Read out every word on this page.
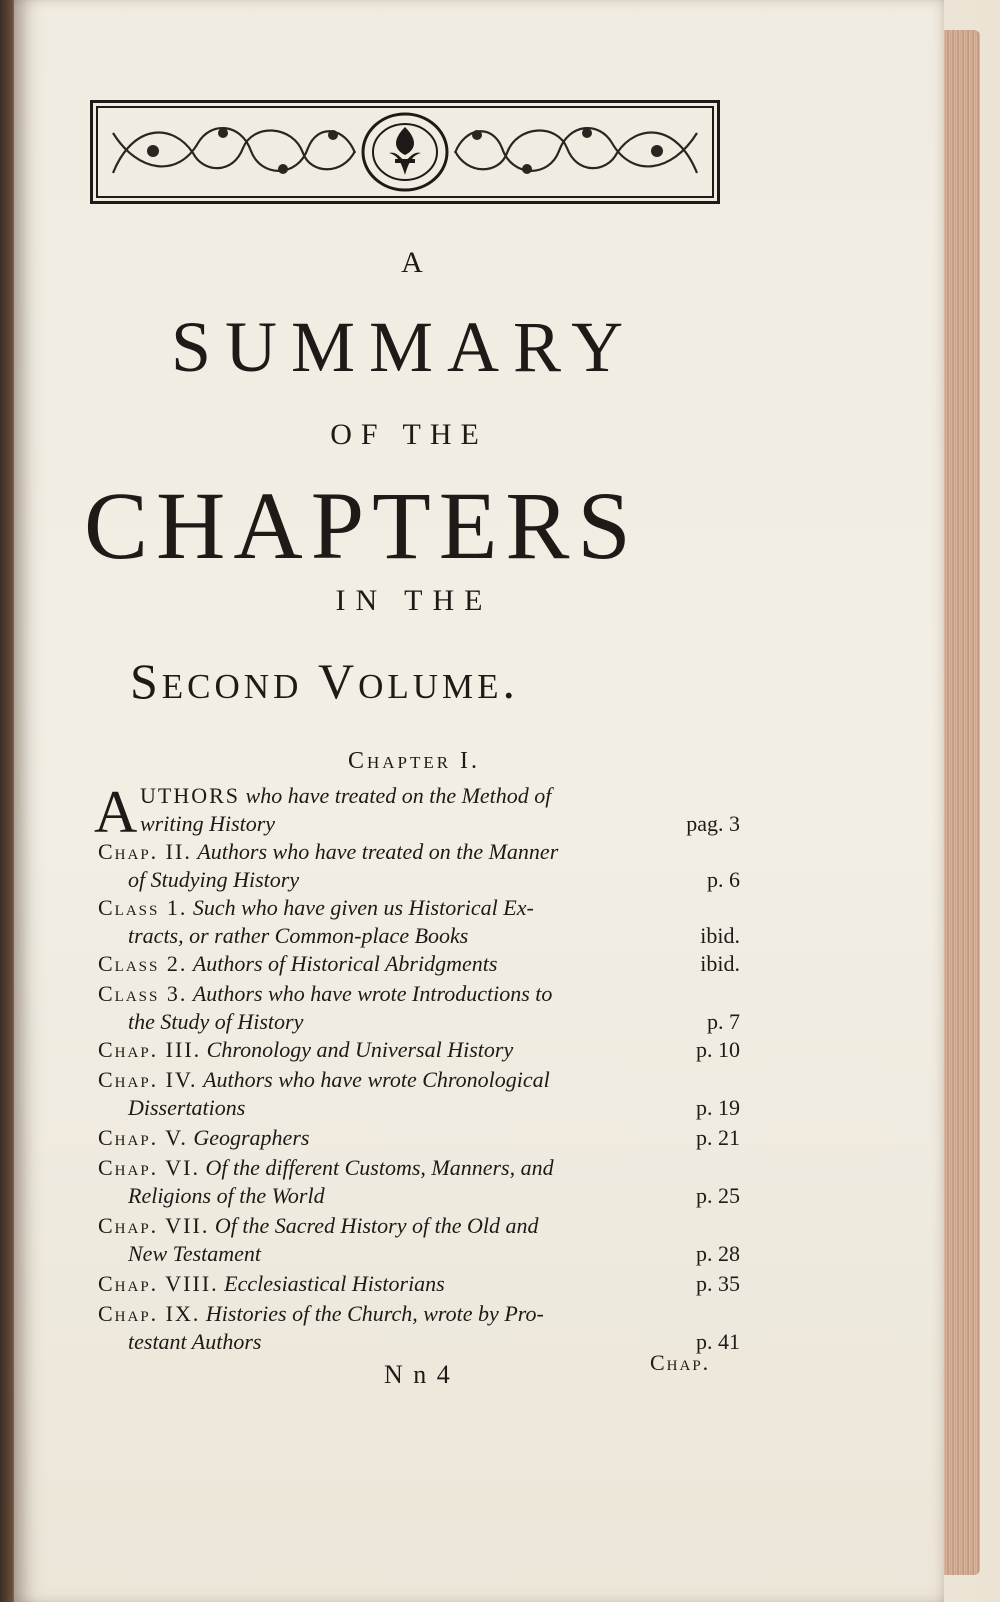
A
SUMMARY
OF THE
CHAPTERS
IN THE
Second Volume.
Chapter I.
A UTHORS who have treated on the Method of
writing History	pag. 3
Chap. II. Authors who have treated on the Manner
of Studying History	p. 6
Class 1. Such who have given us Historical Ex-
tracts, or rather Common-place Books	ibid.
Class 2. Authors of Historical Abridgments	ibid.
Class 3. Authors who have wrote Introductions to
the Study of History	p. 7
Chap. III. Chronology and Universal History	p. 10
Chap. IV. Authors who have wrote Chronological
Dissertations	p. 19
Chap. V. Geographers	p. 21
Chap. VI. Of the different Customs, Manners, and
Religions of the World	p. 25
Chap. VII. Of the Sacred History of the Old and
New Testament	p. 28
Chap. VIII. Ecclesiastical Historians	p. 35
Chap. IX. Histories of the Church, wrote by Pro-
testant Authors	p. 41
N n 4	Chap.
